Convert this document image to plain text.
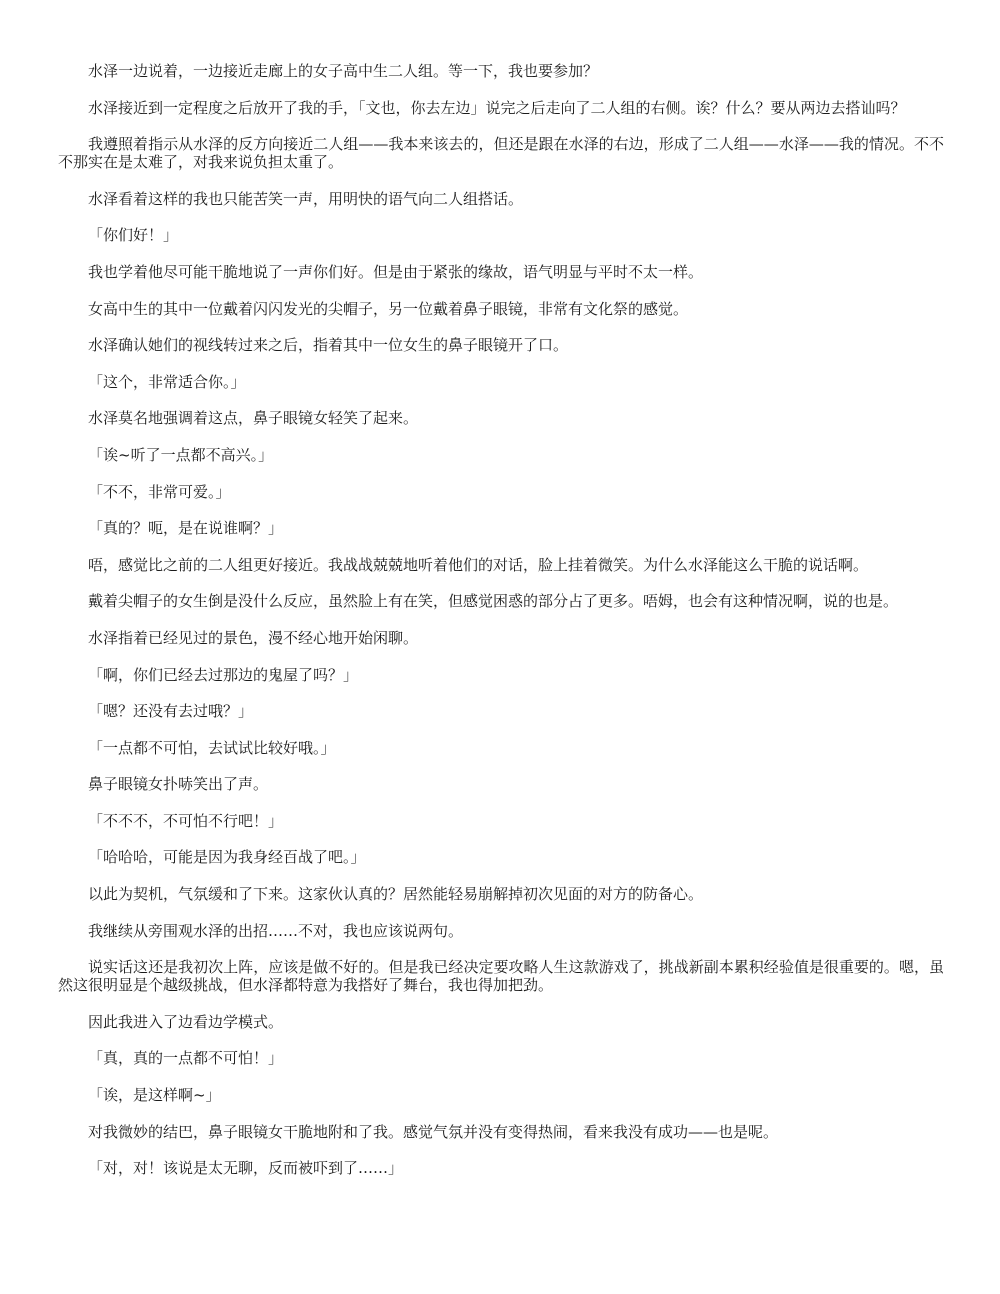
水泽一边说着，一边接近走廊上的女子高中生二人组。等一下，我也要参加？

水泽接近到一定程度之后放开了我的手，「文也，你去左边」说完之后走向了二人组的右侧。诶？什么？要从两边去搭讪吗？

我遵照着指示从水泽的反方向接近二人组——我本来该去的，但还是跟在水泽的右边，形成了二人组——水泽——我的情况。不不不那实在是太难了，对我来说负担太重了。

水泽看着这样的我也只能苦笑一声，用明快的语气向二人组搭话。

「你们好！」

我也学着他尽可能干脆地说了一声你们好。但是由于紧张的缘故，语气明显与平时不太一样。

女高中生的其中一位戴着闪闪发光的尖帽子，另一位戴着鼻子眼镜，非常有文化祭的感觉。

水泽确认她们的视线转过来之后，指着其中一位女生的鼻子眼镜开了口。

「这个，非常适合你。」

水泽莫名地强调着这点，鼻子眼镜女轻笑了起来。

「诶~听了一点都不高兴。」

「不不，非常可爱。」

「真的？呃，是在说谁啊？」

唔，感觉比之前的二人组更好接近。我战战兢兢地听着他们的对话，脸上挂着微笑。为什么水泽能这么干脆的说话啊。

戴着尖帽子的女生倒是没什么反应，虽然脸上有在笑，但感觉困惑的部分占了更多。唔姆，也会有这种情况啊，说的也是。

水泽指着已经见过的景色，漫不经心地开始闲聊。

「啊，你们已经去过那边的鬼屋了吗？」

「嗯？还没有去过哦？」

「一点都不可怕，去试试比较好哦。」

鼻子眼镜女扑哧笑出了声。

「不不不，不可怕不行吧！」

「哈哈哈，可能是因为我身经百战了吧。」

以此为契机，气氛缓和了下来。这家伙认真的？居然能轻易崩解掉初次见面的对方的防备心。

我继续从旁围观水泽的出招……不对，我也应该说两句。

说实话这还是我初次上阵，应该是做不好的。但是我已经决定要攻略人生这款游戏了，挑战新副本累积经验值是很重要的。嗯，虽然这很明显是个越级挑战，但水泽都特意为我搭好了舞台，我也得加把劲。

因此我进入了边看边学模式。

「真，真的一点都不可怕！」

「诶，是这样啊~」

对我微妙的结巴，鼻子眼镜女干脆地附和了我。感觉气氛并没有变得热闹，看来我没有成功——也是呢。

「对，对！该说是太无聊，反而被吓到了……」
